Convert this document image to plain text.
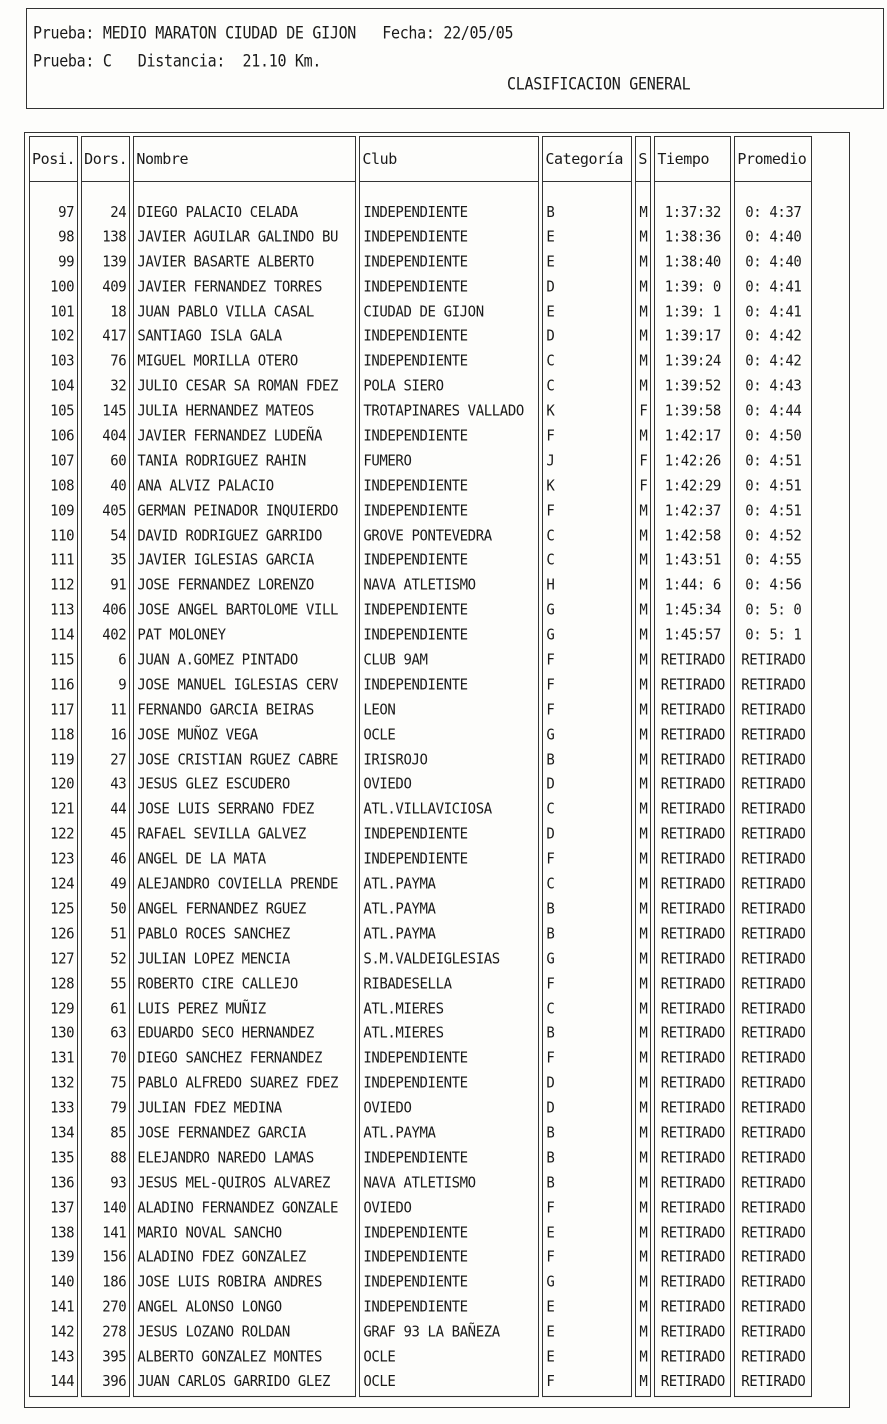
Prueba: MEDIO MARATON CIUDAD DE GIJON   Fecha: 22/05/05
Prueba: C   Distancia:  21.10 Km.
CLASIFICACION GENERAL
Posi.	Dors.	Nombre	Club	Categoría	S	Tiempo	Promedio
97	24	DIEGO PALACIO CELADA	INDEPENDIENTE	B	M	1:37:32	0: 4:37
98	138	JAVIER AGUILAR GALINDO BU	INDEPENDIENTE	E	M	1:38:36	0: 4:40
99	139	JAVIER BASARTE ALBERTO	INDEPENDIENTE	E	M	1:38:40	0: 4:40
100	409	JAVIER FERNANDEZ TORRES	INDEPENDIENTE	D	M	1:39: 0	0: 4:41
101	18	JUAN PABLO VILLA CASAL	CIUDAD DE GIJON	E	M	1:39: 1	0: 4:41
102	417	SANTIAGO ISLA GALA	INDEPENDIENTE	D	M	1:39:17	0: 4:42
103	76	MIGUEL MORILLA OTERO	INDEPENDIENTE	C	M	1:39:24	0: 4:42
104	32	JULIO CESAR SA ROMAN FDEZ	POLA SIERO	C	M	1:39:52	0: 4:43
105	145	JULIA HERNANDEZ MATEOS	TROTAPINARES VALLADO	K	F	1:39:58	0: 4:44
106	404	JAVIER FERNANDEZ LUDEÑA	INDEPENDIENTE	F	M	1:42:17	0: 4:50
107	60	TANIA RODRIGUEZ RAHIN	FUMERO	J	F	1:42:26	0: 4:51
108	40	ANA ALVIZ PALACIO	INDEPENDIENTE	K	F	1:42:29	0: 4:51
109	405	GERMAN PEINADOR INQUIERDO	INDEPENDIENTE	F	M	1:42:37	0: 4:51
110	54	DAVID RODRIGUEZ GARRIDO	GROVE PONTEVEDRA	C	M	1:42:58	0: 4:52
111	35	JAVIER IGLESIAS GARCIA	INDEPENDIENTE	C	M	1:43:51	0: 4:55
112	91	JOSE FERNANDEZ LORENZO	NAVA ATLETISMO	H	M	1:44: 6	0: 4:56
113	406	JOSE ANGEL BARTOLOME VILL	INDEPENDIENTE	G	M	1:45:34	0: 5: 0
114	402	PAT MOLONEY	INDEPENDIENTE	G	M	1:45:57	0: 5: 1
115	6	JUAN A.GOMEZ PINTADO	CLUB 9AM	F	M	RETIRADO	RETIRADO
116	9	JOSE MANUEL IGLESIAS CERV	INDEPENDIENTE	F	M	RETIRADO	RETIRADO
117	11	FERNANDO GARCIA BEIRAS	LEON	F	M	RETIRADO	RETIRADO
118	16	JOSE MUÑOZ VEGA	OCLE	G	M	RETIRADO	RETIRADO
119	27	JOSE CRISTIAN RGUEZ CABRE	IRISROJO	B	M	RETIRADO	RETIRADO
120	43	JESUS GLEZ ESCUDERO	OVIEDO	D	M	RETIRADO	RETIRADO
121	44	JOSE LUIS SERRANO FDEZ	ATL.VILLAVICIOSA	C	M	RETIRADO	RETIRADO
122	45	RAFAEL SEVILLA GALVEZ	INDEPENDIENTE	D	M	RETIRADO	RETIRADO
123	46	ANGEL DE LA MATA	INDEPENDIENTE	F	M	RETIRADO	RETIRADO
124	49	ALEJANDRO COVIELLA PRENDE	ATL.PAYMA	C	M	RETIRADO	RETIRADO
125	50	ANGEL FERNANDEZ RGUEZ	ATL.PAYMA	B	M	RETIRADO	RETIRADO
126	51	PABLO ROCES SANCHEZ	ATL.PAYMA	B	M	RETIRADO	RETIRADO
127	52	JULIAN LOPEZ MENCIA	S.M.VALDEIGLESIAS	G	M	RETIRADO	RETIRADO
128	55	ROBERTO CIRE CALLEJO	RIBADESELLA	F	M	RETIRADO	RETIRADO
129	61	LUIS PEREZ MUÑIZ	ATL.MIERES	C	M	RETIRADO	RETIRADO
130	63	EDUARDO SECO HERNANDEZ	ATL.MIERES	B	M	RETIRADO	RETIRADO
131	70	DIEGO SANCHEZ FERNANDEZ	INDEPENDIENTE	F	M	RETIRADO	RETIRADO
132	75	PABLO ALFREDO SUAREZ FDEZ	INDEPENDIENTE	D	M	RETIRADO	RETIRADO
133	79	JULIAN FDEZ MEDINA	OVIEDO	D	M	RETIRADO	RETIRADO
134	85	JOSE FERNANDEZ GARCIA	ATL.PAYMA	B	M	RETIRADO	RETIRADO
135	88	ELEJANDRO NAREDO LAMAS	INDEPENDIENTE	B	M	RETIRADO	RETIRADO
136	93	JESUS MEL-QUIROS ALVAREZ	NAVA ATLETISMO	B	M	RETIRADO	RETIRADO
137	140	ALADINO FERNANDEZ GONZALE	OVIEDO	F	M	RETIRADO	RETIRADO
138	141	MARIO NOVAL SANCHO	INDEPENDIENTE	E	M	RETIRADO	RETIRADO
139	156	ALADINO FDEZ GONZALEZ	INDEPENDIENTE	F	M	RETIRADO	RETIRADO
140	186	JOSE LUIS ROBIRA ANDRES	INDEPENDIENTE	G	M	RETIRADO	RETIRADO
141	270	ANGEL ALONSO LONGO	INDEPENDIENTE	E	M	RETIRADO	RETIRADO
142	278	JESUS LOZANO ROLDAN	GRAF 93 LA BAÑEZA	E	M	RETIRADO	RETIRADO
143	395	ALBERTO GONZALEZ MONTES	OCLE	E	M	RETIRADO	RETIRADO
144	396	JUAN CARLOS GARRIDO GLEZ	OCLE	F	M	RETIRADO	RETIRADO
